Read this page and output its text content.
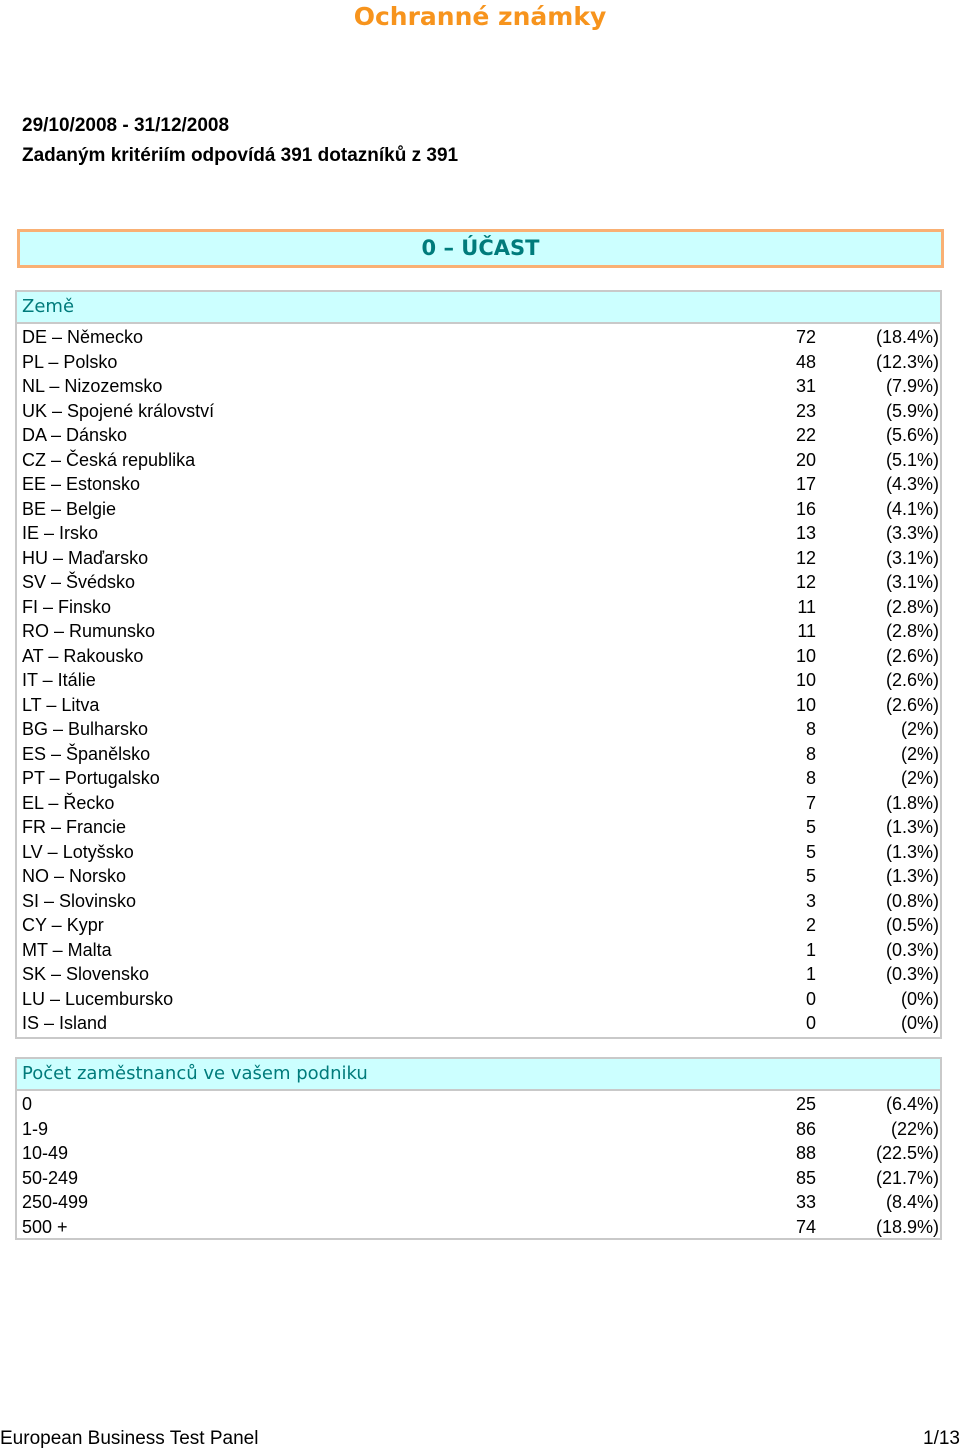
Ochranné známky
29/10/2008 - 31/12/2008
Zadaným kritériím odpovídá 391 dotazníků z 391
0 – ÚČAST
Země
DE – Německo	72	(18.4%)
PL – Polsko	48	(12.3%)
NL – Nizozemsko	31	(7.9%)
UK – Spojené království	23	(5.9%)
DA – Dánsko	22	(5.6%)
CZ – Česká republika	20	(5.1%)
EE – Estonsko	17	(4.3%)
BE – Belgie	16	(4.1%)
IE – Irsko	13	(3.3%)
HU – Maďarsko	12	(3.1%)
SV – Švédsko	12	(3.1%)
FI – Finsko	11	(2.8%)
RO – Rumunsko	11	(2.8%)
AT – Rakousko	10	(2.6%)
IT – Itálie	10	(2.6%)
LT – Litva	10	(2.6%)
BG – Bulharsko	8	(2%)
ES – Španělsko	8	(2%)
PT – Portugalsko	8	(2%)
EL – Řecko	7	(1.8%)
FR – Francie	5	(1.3%)
LV – Lotyšsko	5	(1.3%)
NO – Norsko	5	(1.3%)
SI – Slovinsko	3	(0.8%)
CY – Kypr	2	(0.5%)
MT – Malta	1	(0.3%)
SK – Slovensko	1	(0.3%)
LU – Lucembursko	0	(0%)
IS – Island	0	(0%)
Počet zaměstnanců ve vašem podniku
0	25	(6.4%)
1-9	86	(22%)
10-49	88	(22.5%)
50-249	85	(21.7%)
250-499	33	(8.4%)
500 +	74	(18.9%)
European Business Test Panel	1/13
